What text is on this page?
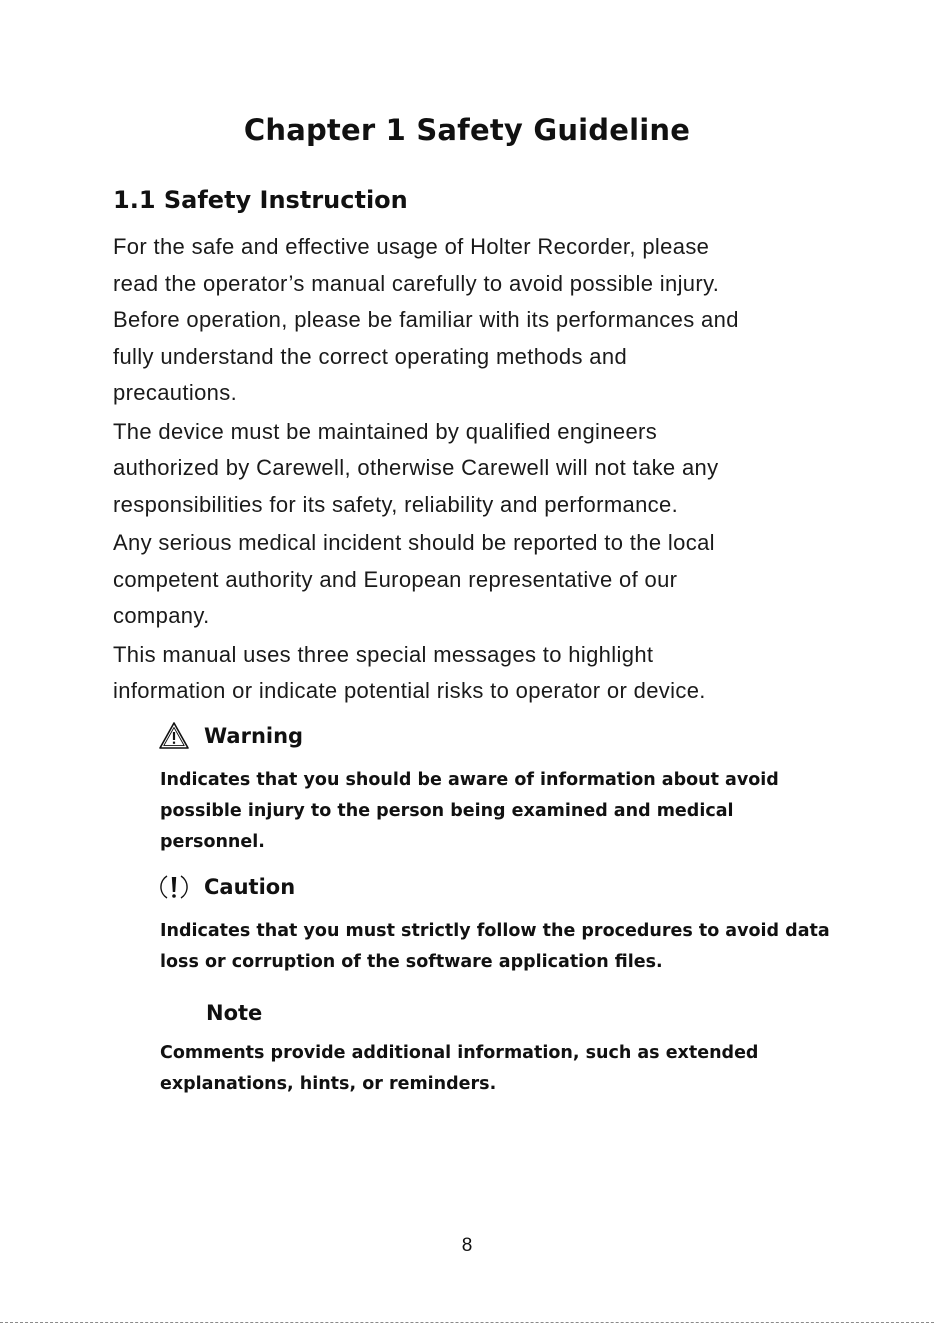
Chapter 1 Safety Guideline
1.1 Safety Instruction

For the safe and effective usage of Holter Recorder, please
read the operator’s manual carefully to avoid possible injury.
Before operation, please be familiar with its performances and
fully understand the correct operating methods and
precautions.

The device must be maintained by qualified engineers
authorized by Carewell, otherwise Carewell will not take any
responsibilities for its safety, reliability and performance.

Any serious medical incident should be reported to the local
competent authority and European representative of our
company.

This manual uses three special messages to highlight
information or indicate potential risks to operator or device.

Warning
Indicates that you should be aware of information about avoid
possible injury to the person being examined and medical
personnel.
Caution
Indicates that you must strictly follow the procedures to avoid data
loss or corruption of the software application files.
Note
Comments provide additional information, such as extended
explanations, hints, or reminders.
8
